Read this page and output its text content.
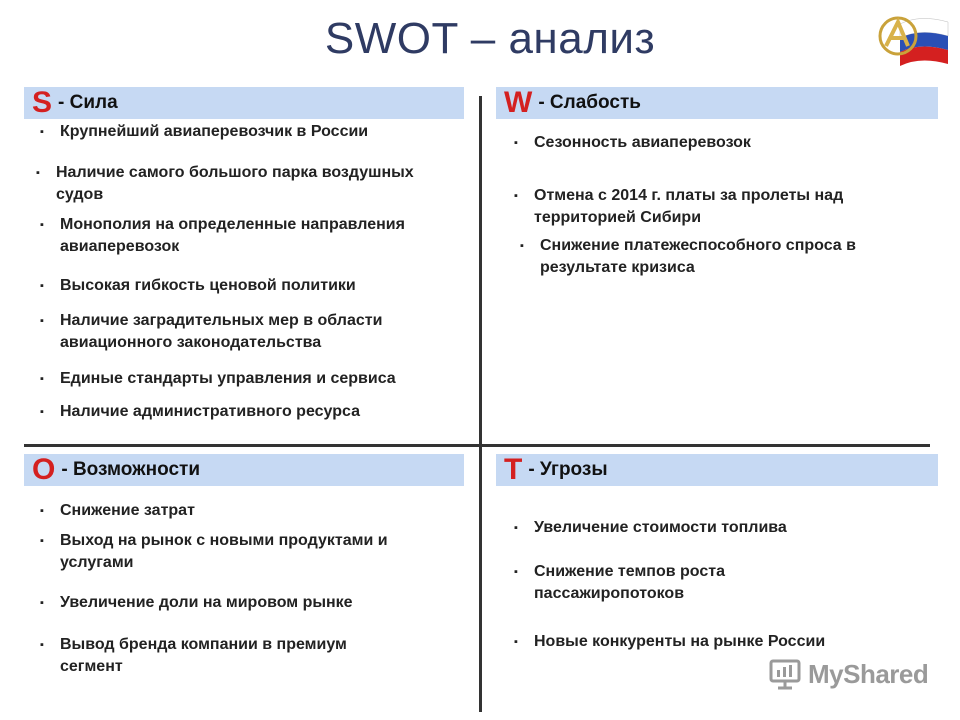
SWOT – анализ
S - Сила	W - Слабость
O - Возможности	T - Угрозы
▪ Крупнейший авиаперевозчик в России
▪ Наличие самого большого парка воздушных
судов
▪ Монополия на определенные направления
авиаперевозок
▪ Высокая гибкость ценовой политики
▪ Наличие заградительных мер в области
авиационного законодательства
▪ Единые стандарты управления и сервиса
▪ Наличие административного ресурса
▪ Сезонность авиаперевозок
▪ Отмена с 2014 г. платы за пролеты над
территорией Сибири
▪ Снижение платежеспособного спроса в
результате кризиса
▪ Снижение затрат
▪ Выход на рынок с новыми продуктами и
услугами
▪ Увеличение доли на мировом рынке
▪ Вывод бренда компании в премиум
сегмент
▪ Увеличение стоимости топлива
▪ Снижение темпов роста
пассажиропотоков
▪ Новые конкуренты на рынке России
MyShared
